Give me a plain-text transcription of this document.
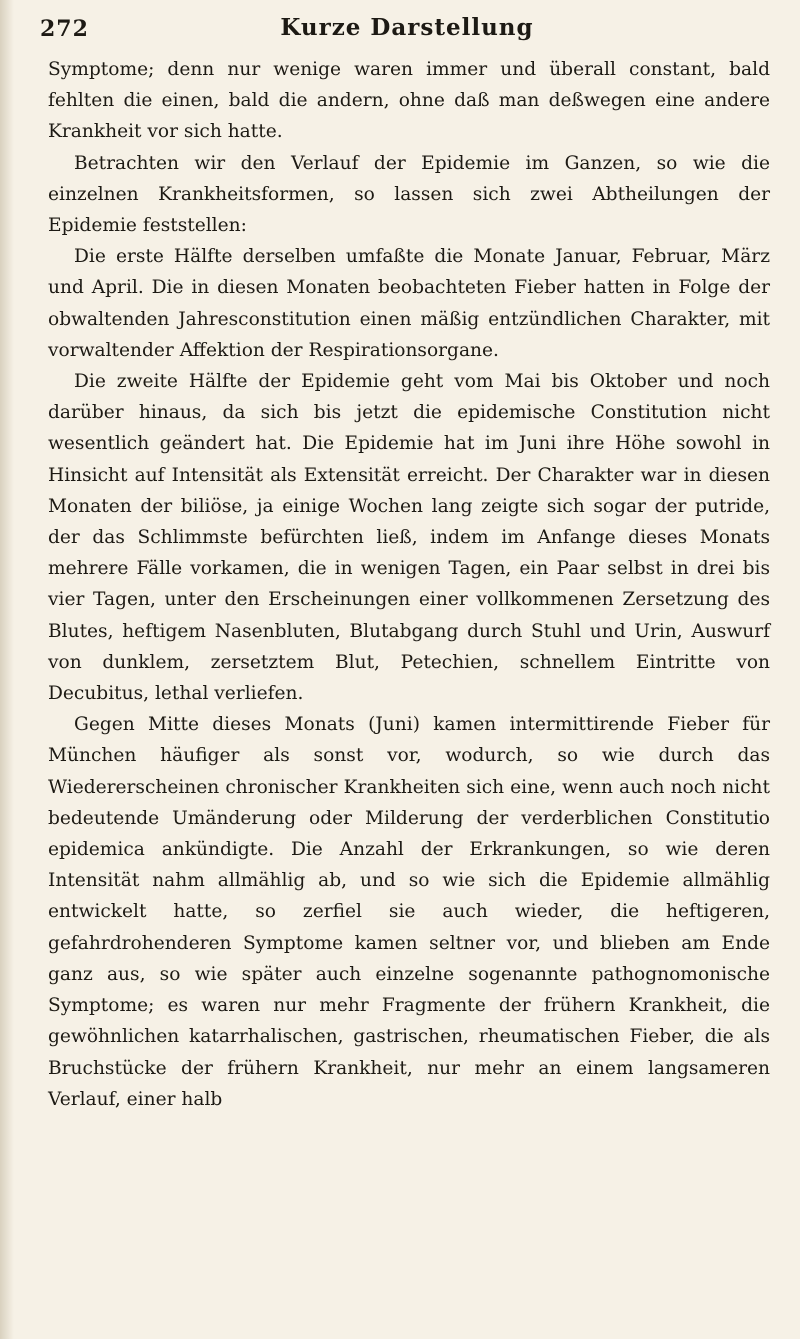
272	Kurze Darstellung

Symptome; denn nur wenige waren immer und überall constant, bald fehlten die einen, bald die andern, ohne daß man deßwegen eine andere Krankheit vor sich hatte.

Betrachten wir den Verlauf der Epidemie im Ganzen, so wie die einzelnen Krankheitsformen, so lassen sich zwei Abtheilungen der Epidemie feststellen:

Die erste Hälfte derselben umfaßte die Monate Januar, Februar, März und April. Die in diesen Monaten beobachteten Fieber hatten in Folge der obwaltenden Jahresconstitution einen mäßig entzündlichen Charakter, mit vorwaltender Affektion der Respirationsorgane.

Die zweite Hälfte der Epidemie geht vom Mai bis Oktober und noch darüber hinaus, da sich bis jetzt die epidemische Constitution nicht wesentlich geändert hat. Die Epidemie hat im Juni ihre Höhe sowohl in Hinsicht auf Intensität als Extensität erreicht. Der Charakter war in diesen Monaten der biliöse, ja einige Wochen lang zeigte sich sogar der putride, der das Schlimmste befürchten ließ, indem im Anfange dieses Monats mehrere Fälle vorkamen, die in wenigen Tagen, ein Paar selbst in drei bis vier Tagen, unter den Erscheinungen einer vollkommenen Zersetzung des Blutes, heftigem Nasenbluten, Blutabgang durch Stuhl und Urin, Auswurf von dunklem, zersetztem Blut, Petechien, schnellem Eintritte von Decubitus, lethal verliefen.

Gegen Mitte dieses Monats (Juni) kamen intermittirende Fieber für München häufiger als sonst vor, wodurch, so wie durch das Wiedererscheinen chronischer Krankheiten sich eine, wenn auch noch nicht bedeutende Umänderung oder Milderung der verderblichen Constitutio epidemica ankündigte. Die Anzahl der Erkrankungen, so wie deren Intensität nahm allmählig ab, und so wie sich die Epidemie allmählig entwickelt hatte, so zerfiel sie auch wieder, die heftigeren, gefahrdrohenderen Symptome kamen seltner vor, und blieben am Ende ganz aus, so wie später auch einzelne sogenannte pathognomonische Symptome; es waren nur mehr Fragmente der frühern Krankheit, die gewöhnlichen katarrhalischen, gastrischen, rheumatischen Fieber, die als Bruchstücke der frühern Krankheit, nur mehr an einem langsameren Verlauf, einer halb
